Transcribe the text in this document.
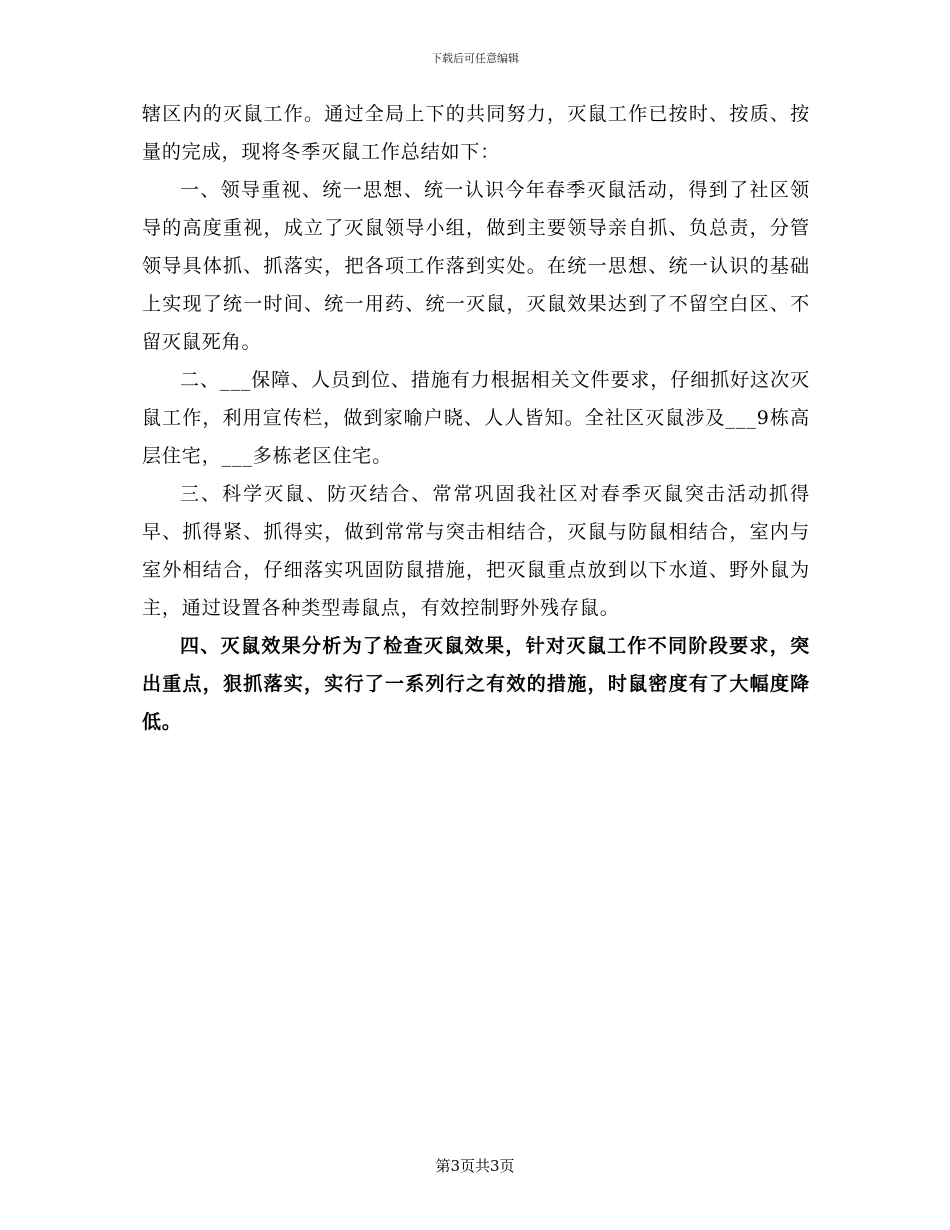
下载后可任意编辑

辖区内的灭鼠工作。通过全局上下的共同努力，灭鼠工作已按时、按质、按量的完成，现将冬季灭鼠工作总结如下：

一、领导重视、统一思想、统一认识今年春季灭鼠活动，得到了社区领导的高度重视，成立了灭鼠领导小组，做到主要领导亲自抓、负总责，分管领导具体抓、抓落实，把各项工作落到实处。在统一思想、统一认识的基础上实现了统一时间、统一用药、统一灭鼠，灭鼠效果达到了不留空白区、不留灭鼠死角。

二、___保障、人员到位、措施有力根据相关文件要求，仔细抓好这次灭鼠工作，利用宣传栏，做到家喻户晓、人人皆知。全社区灭鼠涉及___9栋高层住宅，___多栋老区住宅。

三、科学灭鼠、防灭结合、常常巩固我社区对春季灭鼠突击活动抓得早、抓得紧、抓得实，做到常常与突击相结合，灭鼠与防鼠相结合，室内与室外相结合，仔细落实巩固防鼠措施，把灭鼠重点放到以下水道、野外鼠为主，通过设置各种类型毒鼠点，有效控制野外残存鼠。

四、灭鼠效果分析为了检查灭鼠效果，针对灭鼠工作不同阶段要求，突出重点，狠抓落实，实行了一系列行之有效的措施，时鼠密度有了大幅度降低。

第3页共3页
